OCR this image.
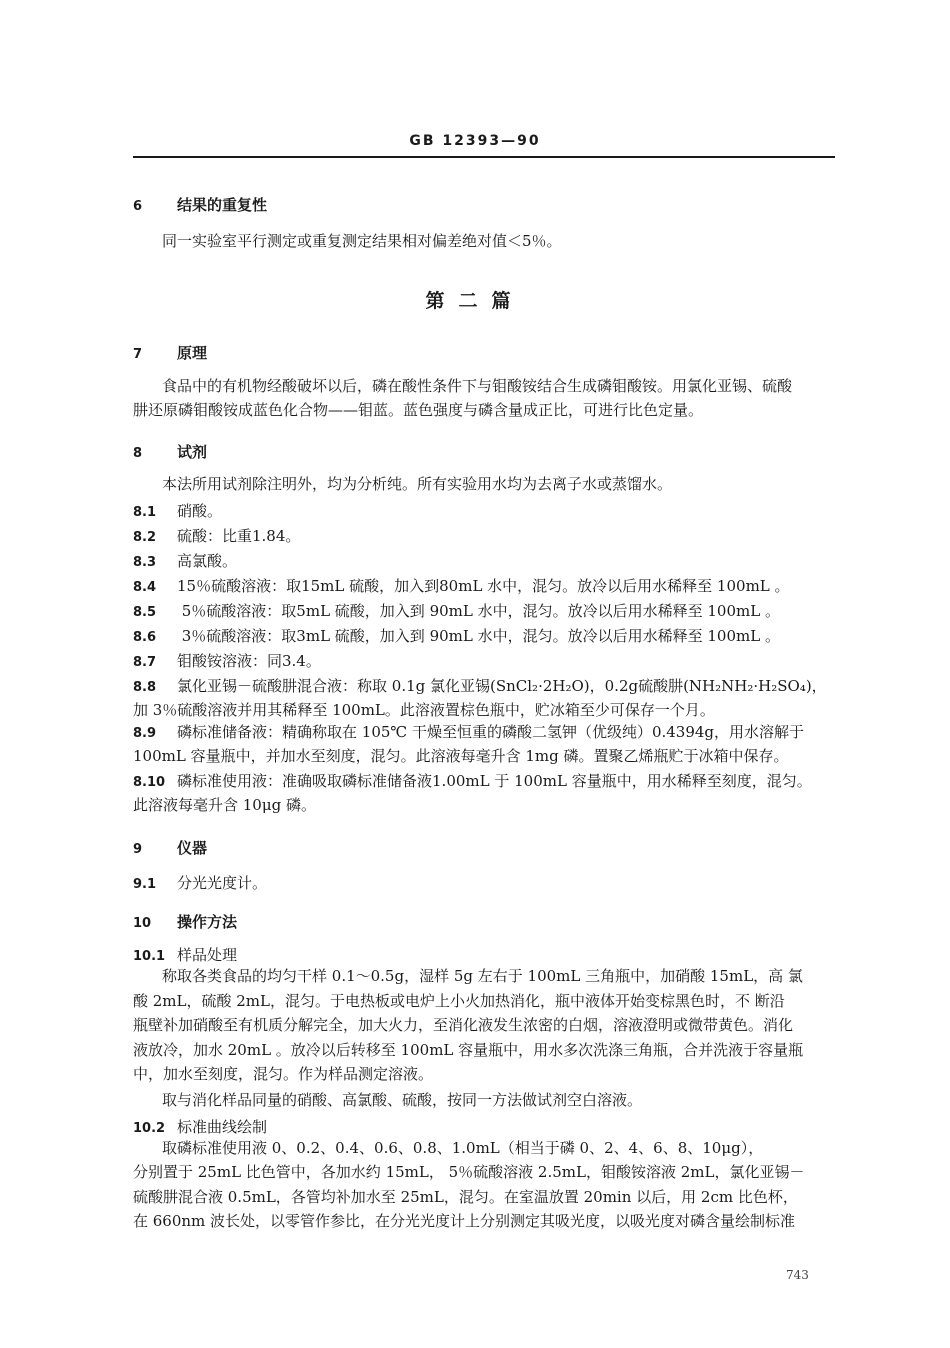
GB 12393—90
6 结果的重复性
同一实验室平行测定或重复测定结果相对偏差绝对值＜5％。
第二篇
7 原理
食品中的有机物经酸破坏以后，磷在酸性条件下与钼酸铵结合生成磷钼酸铵。用氯化亚锡、硫酸
肼还原磷钼酸铵成蓝色化合物——钼蓝。蓝色强度与磷含量成正比，可进行比色定量。
8 试剂
本法所用试剂除注明外，均为分析纯。所有实验用水均为去离子水或蒸馏水。
8.1 硝酸。
8.2 硫酸：比重1.84。
8.3 高氯酸。
8.4 15％硫酸溶液：取15mL 硫酸，加入到80mL 水中，混匀。放冷以后用水稀释至 100mL 。
8.5 5％硫酸溶液：取5mL 硫酸，加入到 90mL 水中，混匀。放冷以后用水稀释至 100mL 。
8.6 3％硫酸溶液：取3mL 硫酸，加入到 90mL 水中，混匀。放冷以后用水稀释至 100mL 。
8.7 钼酸铵溶液：同3.4。
8.8 氯化亚锡－硫酸肼混合液：称取 0.1g 氯化亚锡(SnCl₂·2H₂O)，0.2g硫酸肼(NH₂NH₂·H₂SO₄)，
加 3％硫酸溶液并用其稀释至 100mL。此溶液置棕色瓶中，贮冰箱至少可保存一个月。
8.9 磷标准储备液：精确称取在 105℃ 干燥至恒重的磷酸二氢钾（优级纯）0.4394g，用水溶解于
100mL 容量瓶中，并加水至刻度，混匀。此溶液每毫升含 1mg 磷。置聚乙烯瓶贮于冰箱中保存。
8.10 磷标准使用液：准确吸取磷标准储备液1.00mL 于 100mL 容量瓶中，用水稀释至刻度，混匀。
此溶液每毫升含 10μg 磷。
9 仪器
9.1 分光光度计。
10 操作方法
10.1 样品处理
称取各类食品的均匀干样 0.1～0.5g，湿样 5g 左右于 100mL 三角瓶中，加硝酸 15mL，高 氯
酸 2mL，硫酸 2mL，混匀。于电热板或电炉上小火加热消化，瓶中液体开始变棕黑色时，不 断沿
瓶壁补加硝酸至有机质分解完全，加大火力，至消化液发生浓密的白烟，溶液澄明或微带黄色。消化
液放冷，加水 20mL 。放冷以后转移至 100mL 容量瓶中，用水多次洗涤三角瓶，合并洗液于容量瓶
中，加水至刻度，混匀。作为样品测定溶液。
取与消化样品同量的硝酸、高氯酸、硫酸，按同一方法做试剂空白溶液。
10.2 标准曲线绘制
取磷标准使用液 0、0.2、0.4、0.6、0.8、1.0mL（相当于磷 0、2、4、6、8、10μg），
分别置于 25mL 比色管中，各加水约 15mL， 5％硫酸溶液 2.5mL，钼酸铵溶液 2mL，氯化亚锡－
硫酸肼混合液 0.5mL，各管均补加水至 25mL，混匀。在室温放置 20min 以后，用 2cm 比色杯，
在 660nm 波长处，以零管作参比，在分光光度计上分别测定其吸光度，以吸光度对磷含量绘制标准
743
